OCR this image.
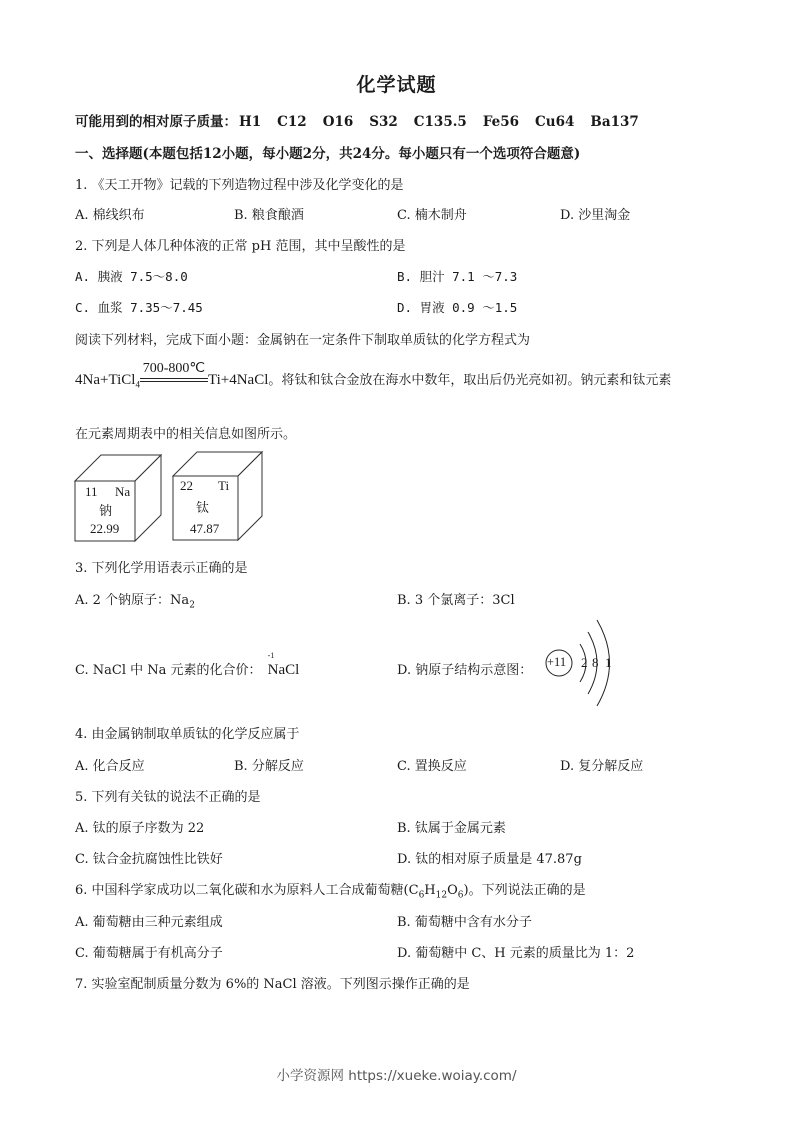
化学试题
可能用到的相对原子质量： H1 C12 O16 S32 C135.5 Fe56 Cu64 Ba137
一、选择题(本题包括12小题，每小题2分，共24分。每小题只有一个选项符合题意)
1. 《天工开物》记载的下列造物过程中涉及化学变化的是
A. 棉线织布	B. 粮食酿酒	C. 楠木制舟	D. 沙里淘金
2. 下列是人体几种体液的正常 pH 范围，其中呈酸性的是
A. 胰液 7.5～8.0	B. 胆汁 7.1 ～7.3
C. 血浆 7.35～7.45	D. 胃液 0.9 ～1.5
阅读下列材料，完成下面小题：金属钠在一定条件下制取单质钛的化学方程式为
4Na+TiCl$_4$
700-800℃
Ti+4NaCl。将钛和钛合金放在海水中数年，取出后仍光亮如初。钠元素和钛元素
在元素周期表中的相关信息如图所示。
11 Na
钠
22.99
22 Ti
钛
47.87
3. 下列化学用语表示正确的是
A. 2 个钠原子：$Na_2$	B. 3 个氯离子：3Cl
C. NaCl 中 Na 元素的化合价：
-1
NaCl	D. 钠原子结构示意图：
+11 2 8 1
4. 由金属钠制取单质钛的化学反应属于
A. 化合反应	B. 分解反应	C. 置换反应	D. 复分解反应
5. 下列有关钛的说法不正确的是
A. 钛的原子序数为 22	B. 钛属于金属元素
C. 钛合金抗腐蚀性比铁好	D. 钛的相对原子质量是 47.87g
6. 中国科学家成功以二氧化碳和水为原料人工合成葡萄糖$(C_6H_{12}O_6)$。下列说法正确的是
A. 葡萄糖由三种元素组成	B. 葡萄糖中含有水分子
C. 葡萄糖属于有机高分子	D. 葡萄糖中 C、H 元素的质量比为 1：2
7. 实验室配制质量分数为 6%的 NaCl 溶液。下列图示操作正确的是
小学资源网 https://xueke.woiay.com/
